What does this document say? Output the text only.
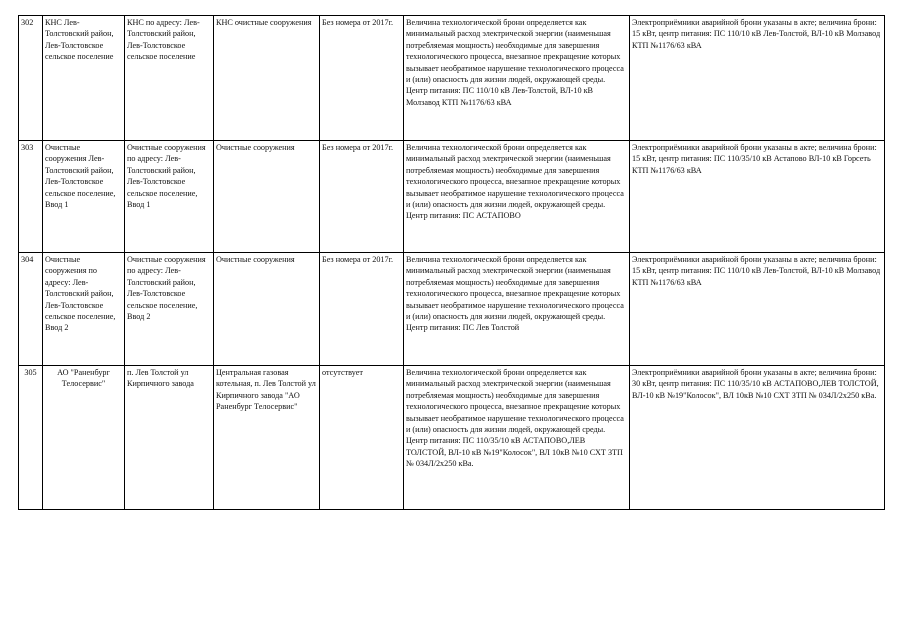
302	КНС Лев-Толстовский район, Лев-Толстовское сельское поселение	КНС по адресу: Лев-Толстовский район, Лев-Толстовское сельское поселение	КНС очистные сооружения	Без номера от 2017г.	Величина технологической брони определяется как минимальный расход электрической энергии (наименьшая потребляемая мощность) необходимые для завершения технологического процесса, внезапное прекращение которых вызывает необратимое нарушение технологического процесса и (или) опасность для жизни людей, окружающей среды. Центр питания: ПС 110/10 кВ Лев-Толстой, ВЛ-10 кВ Молзавод КТП №1176/63 кВА	Электроприёмники аварийной брони указаны в акте; величина брони: 15 кВт, центр питания: ПС 110/10 кВ Лев-Толстой, ВЛ-10 кВ Молзавод КТП №1176/63 кВА
303	Очистные сооружения Лев-Толстовский район, Лев-Толстовское сельское поселение, Ввод 1	Очистные сооружения по адресу: Лев-Толстовский район, Лев-Толстовское сельское поселение, Ввод 1	Очистные сооружения	Без номера от 2017г.	Величина технологической брони определяется как минимальный расход электрической энергии (наименьшая потребляемая мощность) необходимые для завершения технологического процесса, внезапное прекращение которых вызывает необратимое нарушение технологического процесса и (или) опасность для жизни людей, окружающей среды. Центр питания: ПС АСТАПОВО	Электроприёмники аварийной брони указаны в акте; величина брони: 15 кВт, центр питания: ПС 110/35/10 кВ Астапово ВЛ-10 кВ Горсеть КТП №1176/63 кВА
304	Очистные сооружения по адресу: Лев-Толстовский район, Лев-Толстовское сельское поселение, Ввод 2	Очистные сооружения по адресу: Лев-Толстовский район, Лев-Толстовское сельское поселение, Ввод 2	Очистные сооружения	Без номера от 2017г.	Величина технологической брони определяется как минимальный расход электрической энергии (наименьшая потребляемая мощность) необходимые для завершения технологического процесса, внезапное прекращение которых вызывает необратимое нарушение технологического процесса и (или) опасность для жизни людей, окружающей среды. Центр питания: ПС Лев Толстой	Электроприёмники аварийной брони указаны в акте; величина брони: 15 кВт, центр питания: ПС 110/10 кВ Лев-Толстой, ВЛ-10 кВ Молзавод КТП №1176/63 кВА
305	АО "Раненбург Телосервис"	п. Лев Толстой ул Кирпичного завода	Центральная газовая котельная, п. Лев Толстой ул Кирпичного завода "АО Раненбург Телосервис"	отсутствует	Величина технологической брони определяется как минимальный расход электрической энергии (наименьшая потребляемая мощность) необходимые для завершения технологического процесса, внезапное прекращение которых вызывает необратимое нарушение технологического процесса и (или) опасность для жизни людей, окружающей среды. Центр питания: ПС 110/35/10 кВ АСТАПОВО,ЛЕВ ТОЛСТОЙ, ВЛ-10 кВ №19"Колосок", ВЛ 10кВ №10 СХТ ЗТП № 034Л/2х250 кВа.	Электроприёмники аварийной брони указаны в акте; величина брони: 30 кВт, центр питания: ПС 110/35/10 кВ АСТАПОВО,ЛЕВ ТОЛСТОЙ, ВЛ-10 кВ №19"Колосок", ВЛ 10кВ №10 СХТ ЗТП № 034Л/2х250 кВа.
